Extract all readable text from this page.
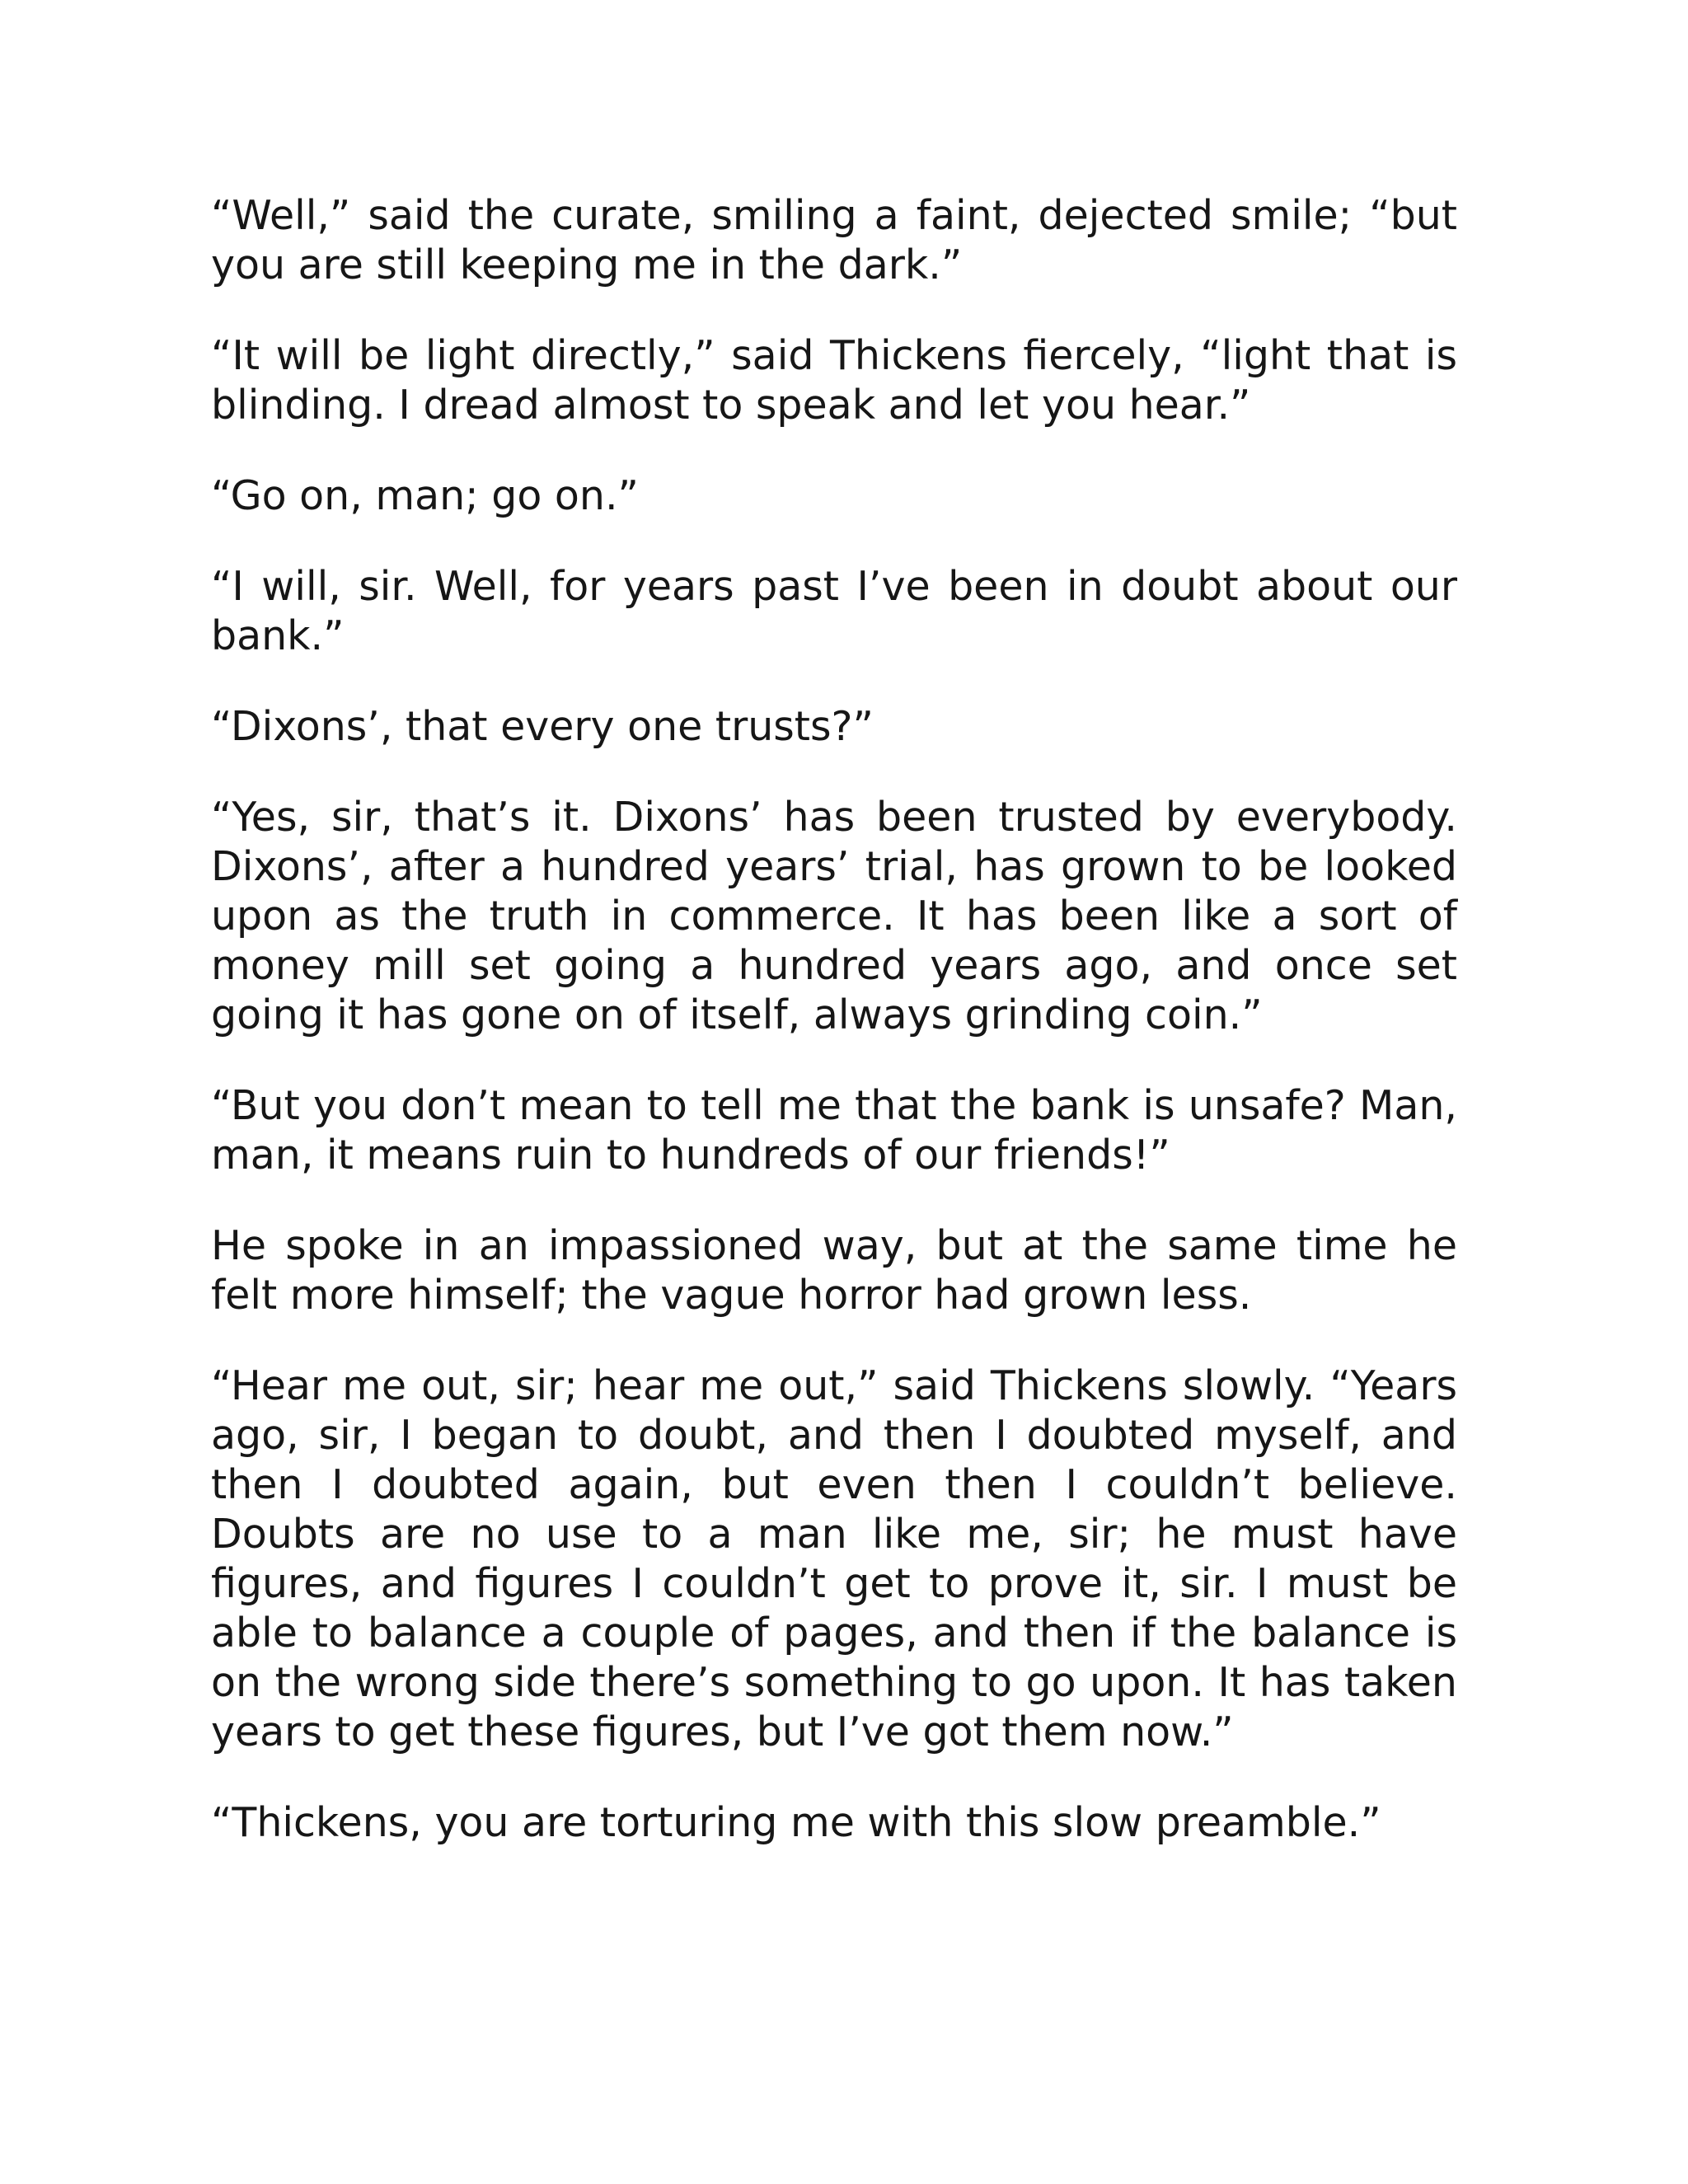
“Well,” said the curate, smiling a faint, dejected smile; “but you are still keeping me in the dark.”

“It will be light directly,” said Thickens fiercely, “light that is blinding. I dread almost to speak and let you hear.”

“Go on, man; go on.”

“I will, sir. Well, for years past I’ve been in doubt about our bank.”

“Dixons’, that every one trusts?”

“Yes, sir, that’s it. Dixons’ has been trusted by everybody. Dixons’, after a hundred years’ trial, has grown to be looked upon as the truth in commerce. It has been like a sort of money mill set going a hundred years ago, and once set going it has gone on of itself, always grinding coin.”

“But you don’t mean to tell me that the bank is unsafe? Man, man, it means ruin to hundreds of our friends!”

He spoke in an impassioned way, but at the same time he felt more himself; the vague horror had grown less.

“Hear me out, sir; hear me out,” said Thickens slowly. “Years ago, sir, I began to doubt, and then I doubted myself, and then I doubted again, but even then I couldn’t believe. Doubts are no use to a man like me, sir; he must have figures, and figures I couldn’t get to prove it, sir. I must be able to balance a couple of pages, and then if the balance is on the wrong side there’s something to go upon. It has taken years to get these figures, but I’ve got them now.”

“Thickens, you are torturing me with this slow preamble.”
